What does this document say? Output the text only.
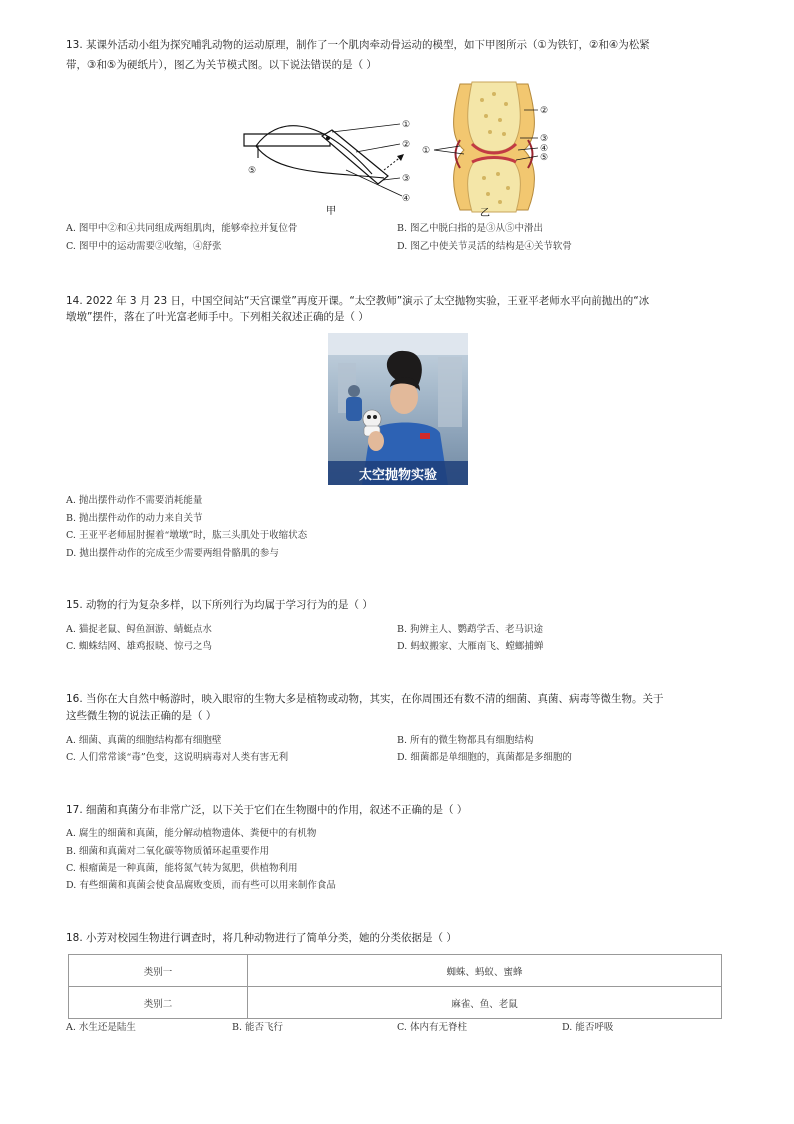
13. 某课外活动小组为探究哺乳动物的运动原理，制作了一个肌肉牵动骨运动的模型，如下甲图所示（①为铁钉，②和④为松紧
带，③和⑤为硬纸片），图乙为关节模式图。以下说法错误的是（ ）
①
②
③
④
⑤
甲
②
③
④
⑤
①
乙
A. 图甲中②和④共同组成两组肌肉，能够牵拉并复位骨	B. 图乙中脱臼指的是③从⑤中滑出
C. 图甲中的运动需要②收缩，④舒张	D. 图乙中使关节灵活的结构是④关节软骨
14. 2022 年 3 月 23 日，中国空间站“天宫课堂”再度开课。“太空教师”演示了太空抛物实验，王亚平老师水平向前抛出的“冰
墩墩”摆件，落在了叶光富老师手中。下列相关叙述正确的是（ ）
太空抛物实验
A. 抛出摆件动作不需要消耗能量
B. 抛出摆件动作的动力来自关节
C. 王亚平老师屈肘握着“墩墩”时，肱三头肌处于收缩状态
D. 抛出摆件动作的完成至少需要两组骨骼肌的参与
15. 动物的行为复杂多样，以下所列行为均属于学习行为的是（ ）
A. 猫捉老鼠、鲟鱼洄游、蜻蜓点水	B. 狗辨主人、鹦鹉学舌、老马识途
C. 蜘蛛结网、雄鸡报晓、惊弓之鸟	D. 蚂蚁搬家、大雁南飞、螳螂捕蝉
16. 当你在大自然中畅游时，映入眼帘的生物大多是植物或动物，其实，在你周围还有数不清的细菌、真菌、病毒等微生物。关于
这些微生物的说法正确的是（ ）
A. 细菌、真菌的细胞结构都有细胞壁	B. 所有的微生物都具有细胞结构
C. 人们常常谈“毒”色变，这说明病毒对人类有害无利	D. 细菌都是单细胞的，真菌都是多细胞的
17. 细菌和真菌分布非常广泛，以下关于它们在生物圈中的作用，叙述不正确的是（ ）
A. 腐生的细菌和真菌，能分解动植物遗体、粪便中的有机物
B. 细菌和真菌对二氧化碳等物质循环起重要作用
C. 根瘤菌是一种真菌，能将氮气转为氮肥，供植物利用
D. 有些细菌和真菌会使食品腐败变质，而有些可以用来制作食品
18. 小芳对校园生物进行调查时，将几种动物进行了简单分类，她的分类依据是（ ）
类别一	蜘蛛、蚂蚁、蜜蜂
类别二	麻雀、鱼、老鼠
A. 水生还是陆生	B. 能否飞行	C. 体内有无脊柱	D. 能否呼吸
